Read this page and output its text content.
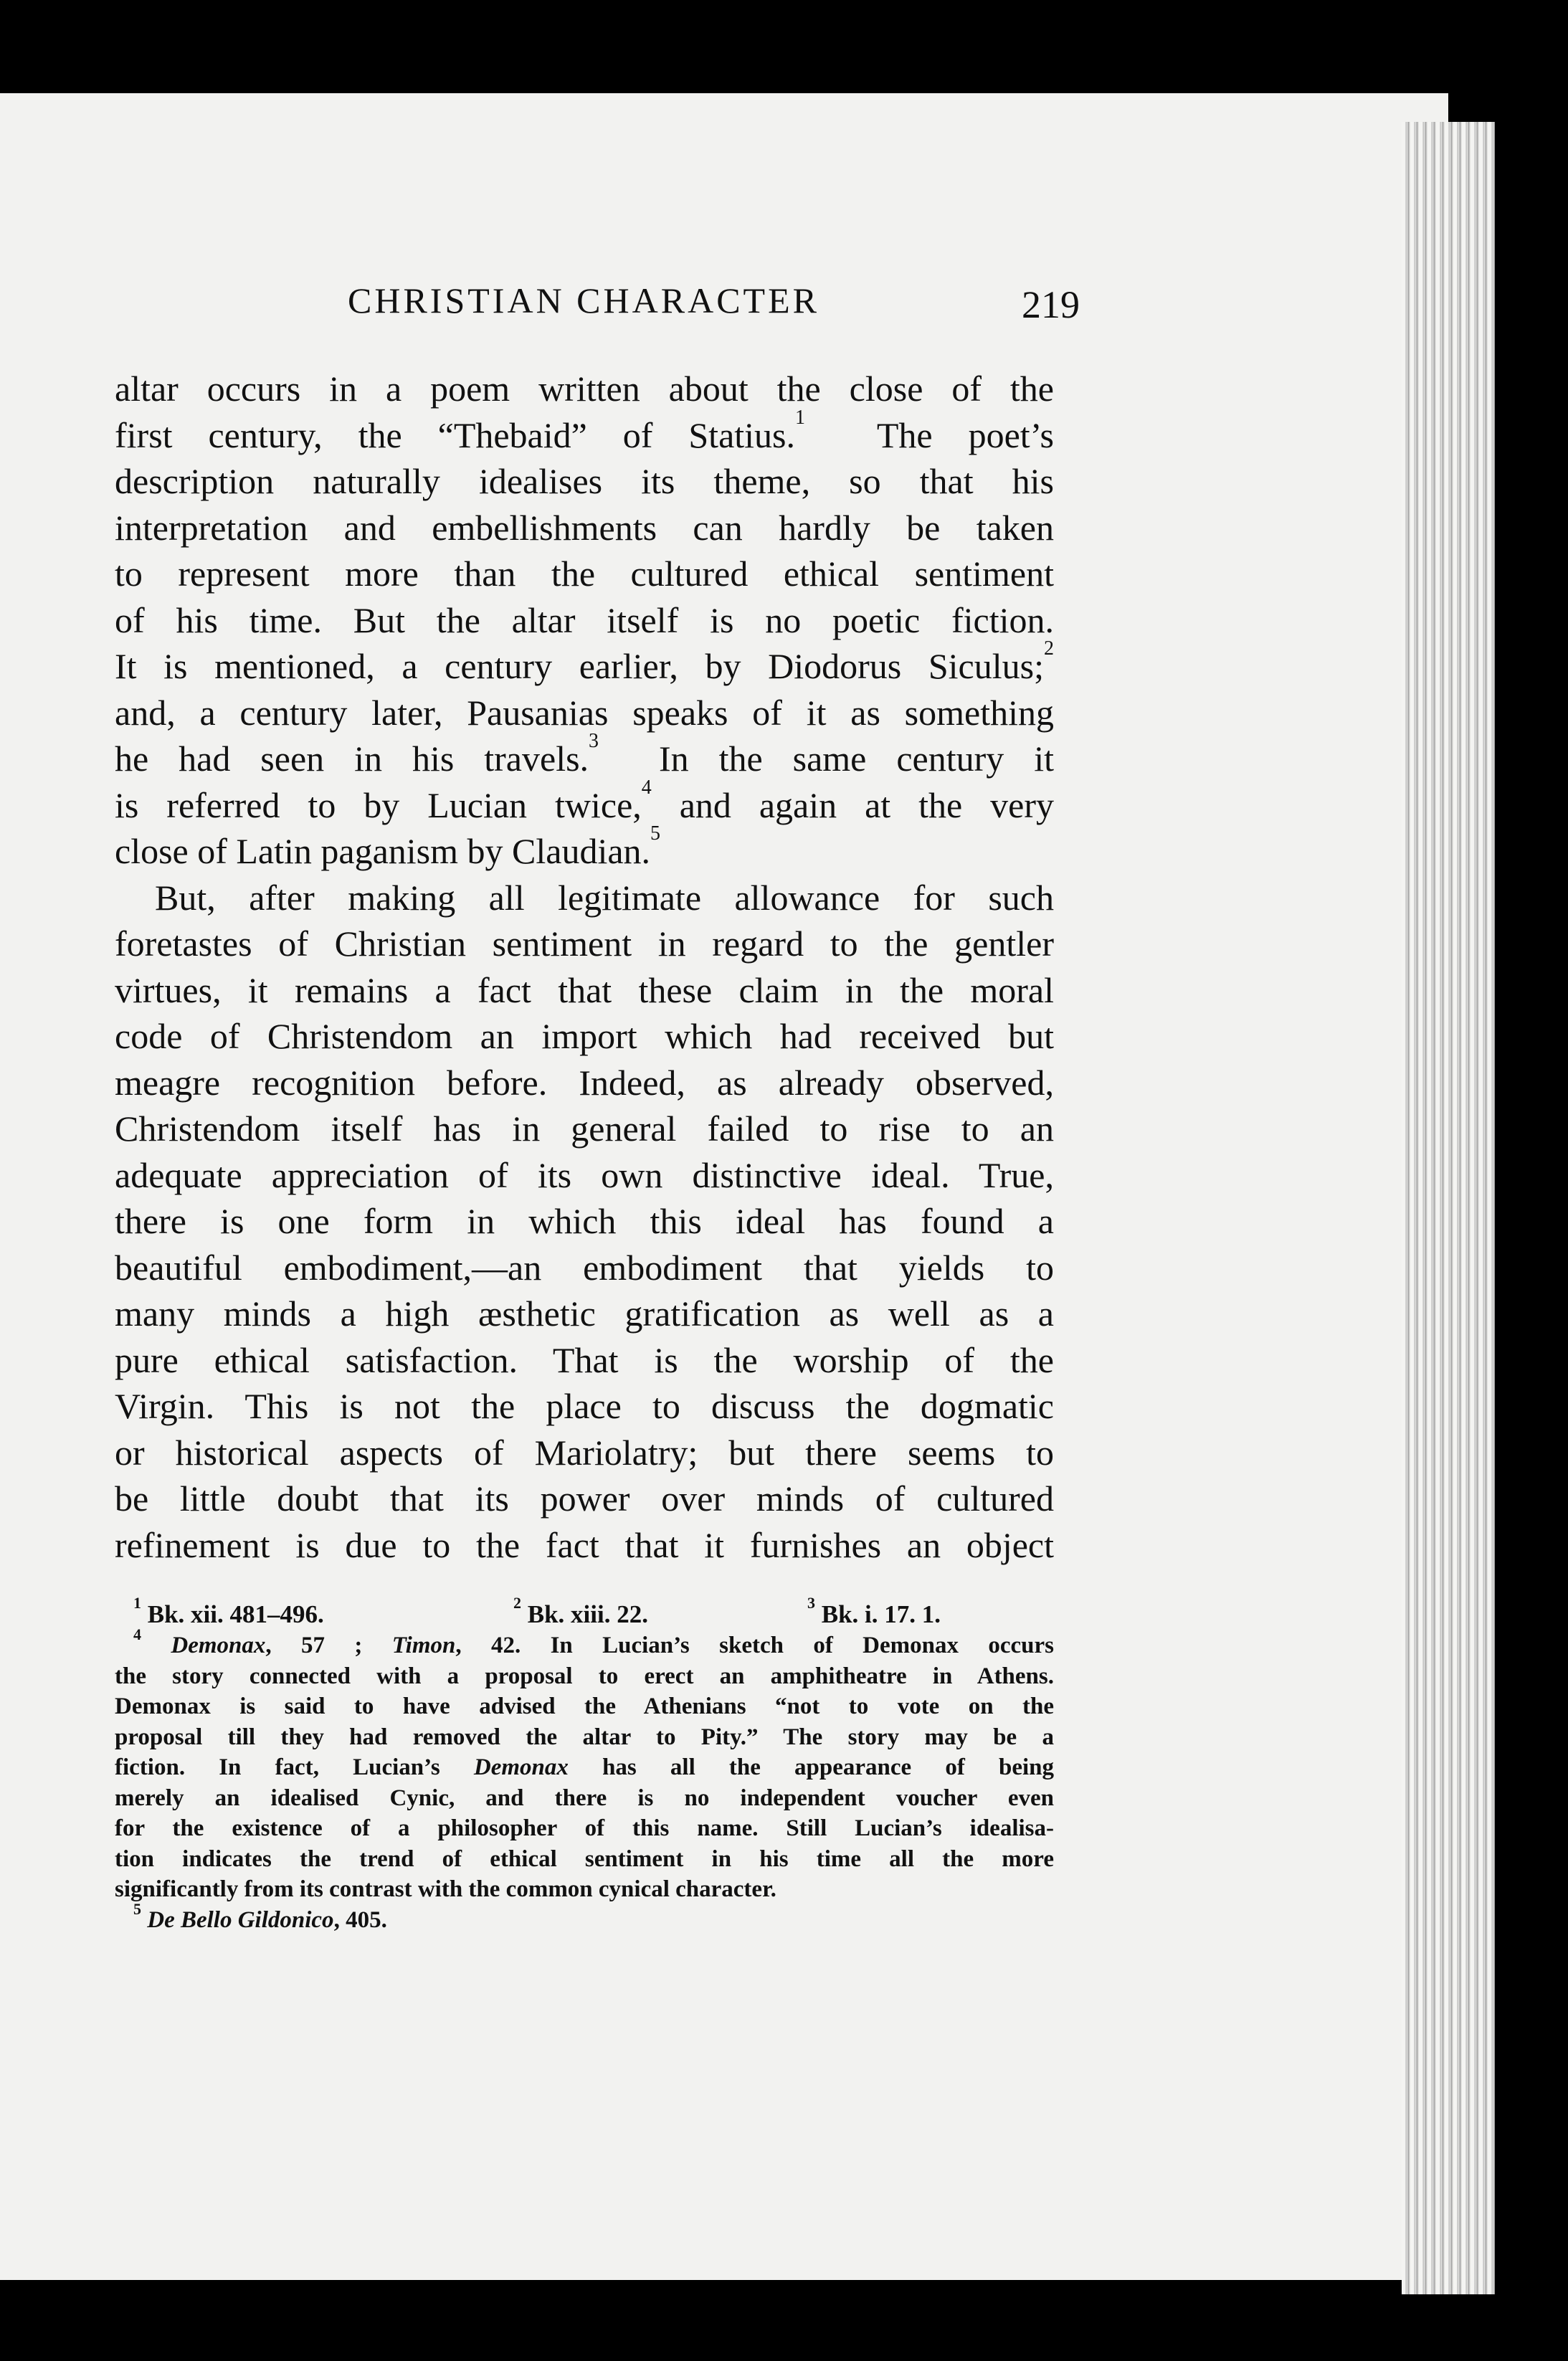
CHRISTIAN CHARACTER	219
altar occurs in a poem written about the close of the
first century, the “Thebaid” of Statius.$^1$ The poet’s
description naturally idealises its theme, so that his
interpretation and embellishments can hardly be taken
to represent more than the cultured ethical sentiment
of his time. But the altar itself is no poetic fiction.
It is mentioned, a century earlier, by Diodorus Siculus;$^2$
and, a century later, Pausanias speaks of it as something
he had seen in his travels.$^3$ In the same century it
is referred to by Lucian twice,$^4$ and again at the very
close of Latin paganism by Claudian.$^5$
But, after making all legitimate allowance for such
foretastes of Christian sentiment in regard to the gentler
virtues, it remains a fact that these claim in the moral
code of Christendom an import which had received but
meagre recognition before. Indeed, as already observed,
Christendom itself has in general failed to rise to an
adequate appreciation of its own distinctive ideal. True,
there is one form in which this ideal has found a
beautiful embodiment,—an embodiment that yields to
many minds a high æsthetic gratification as well as a
pure ethical satisfaction. That is the worship of the
Virgin. This is not the place to discuss the dogmatic
or historical aspects of Mariolatry; but there seems to
be little doubt that its power over minds of cultured
refinement is due to the fact that it furnishes an object
$^1$ Bk. xii. 481–496.	$^2$ Bk. xiii. 22.	$^3$ Bk. i. 17. 1.
$^4$ Demonax, 57 ; Timon, 42. In Lucian’s sketch of Demonax occurs
the story connected with a proposal to erect an amphitheatre in Athens.
Demonax is said to have advised the Athenians “not to vote on the
proposal till they had removed the altar to Pity.” The story may be a
fiction. In fact, Lucian’s Demonax has all the appearance of being
merely an idealised Cynic, and there is no independent voucher even
for the existence of a philosopher of this name. Still Lucian’s idealisa-
tion indicates the trend of ethical sentiment in his time all the more
significantly from its contrast with the common cynical character.
$^5$ De Bello Gildonico, 405.
